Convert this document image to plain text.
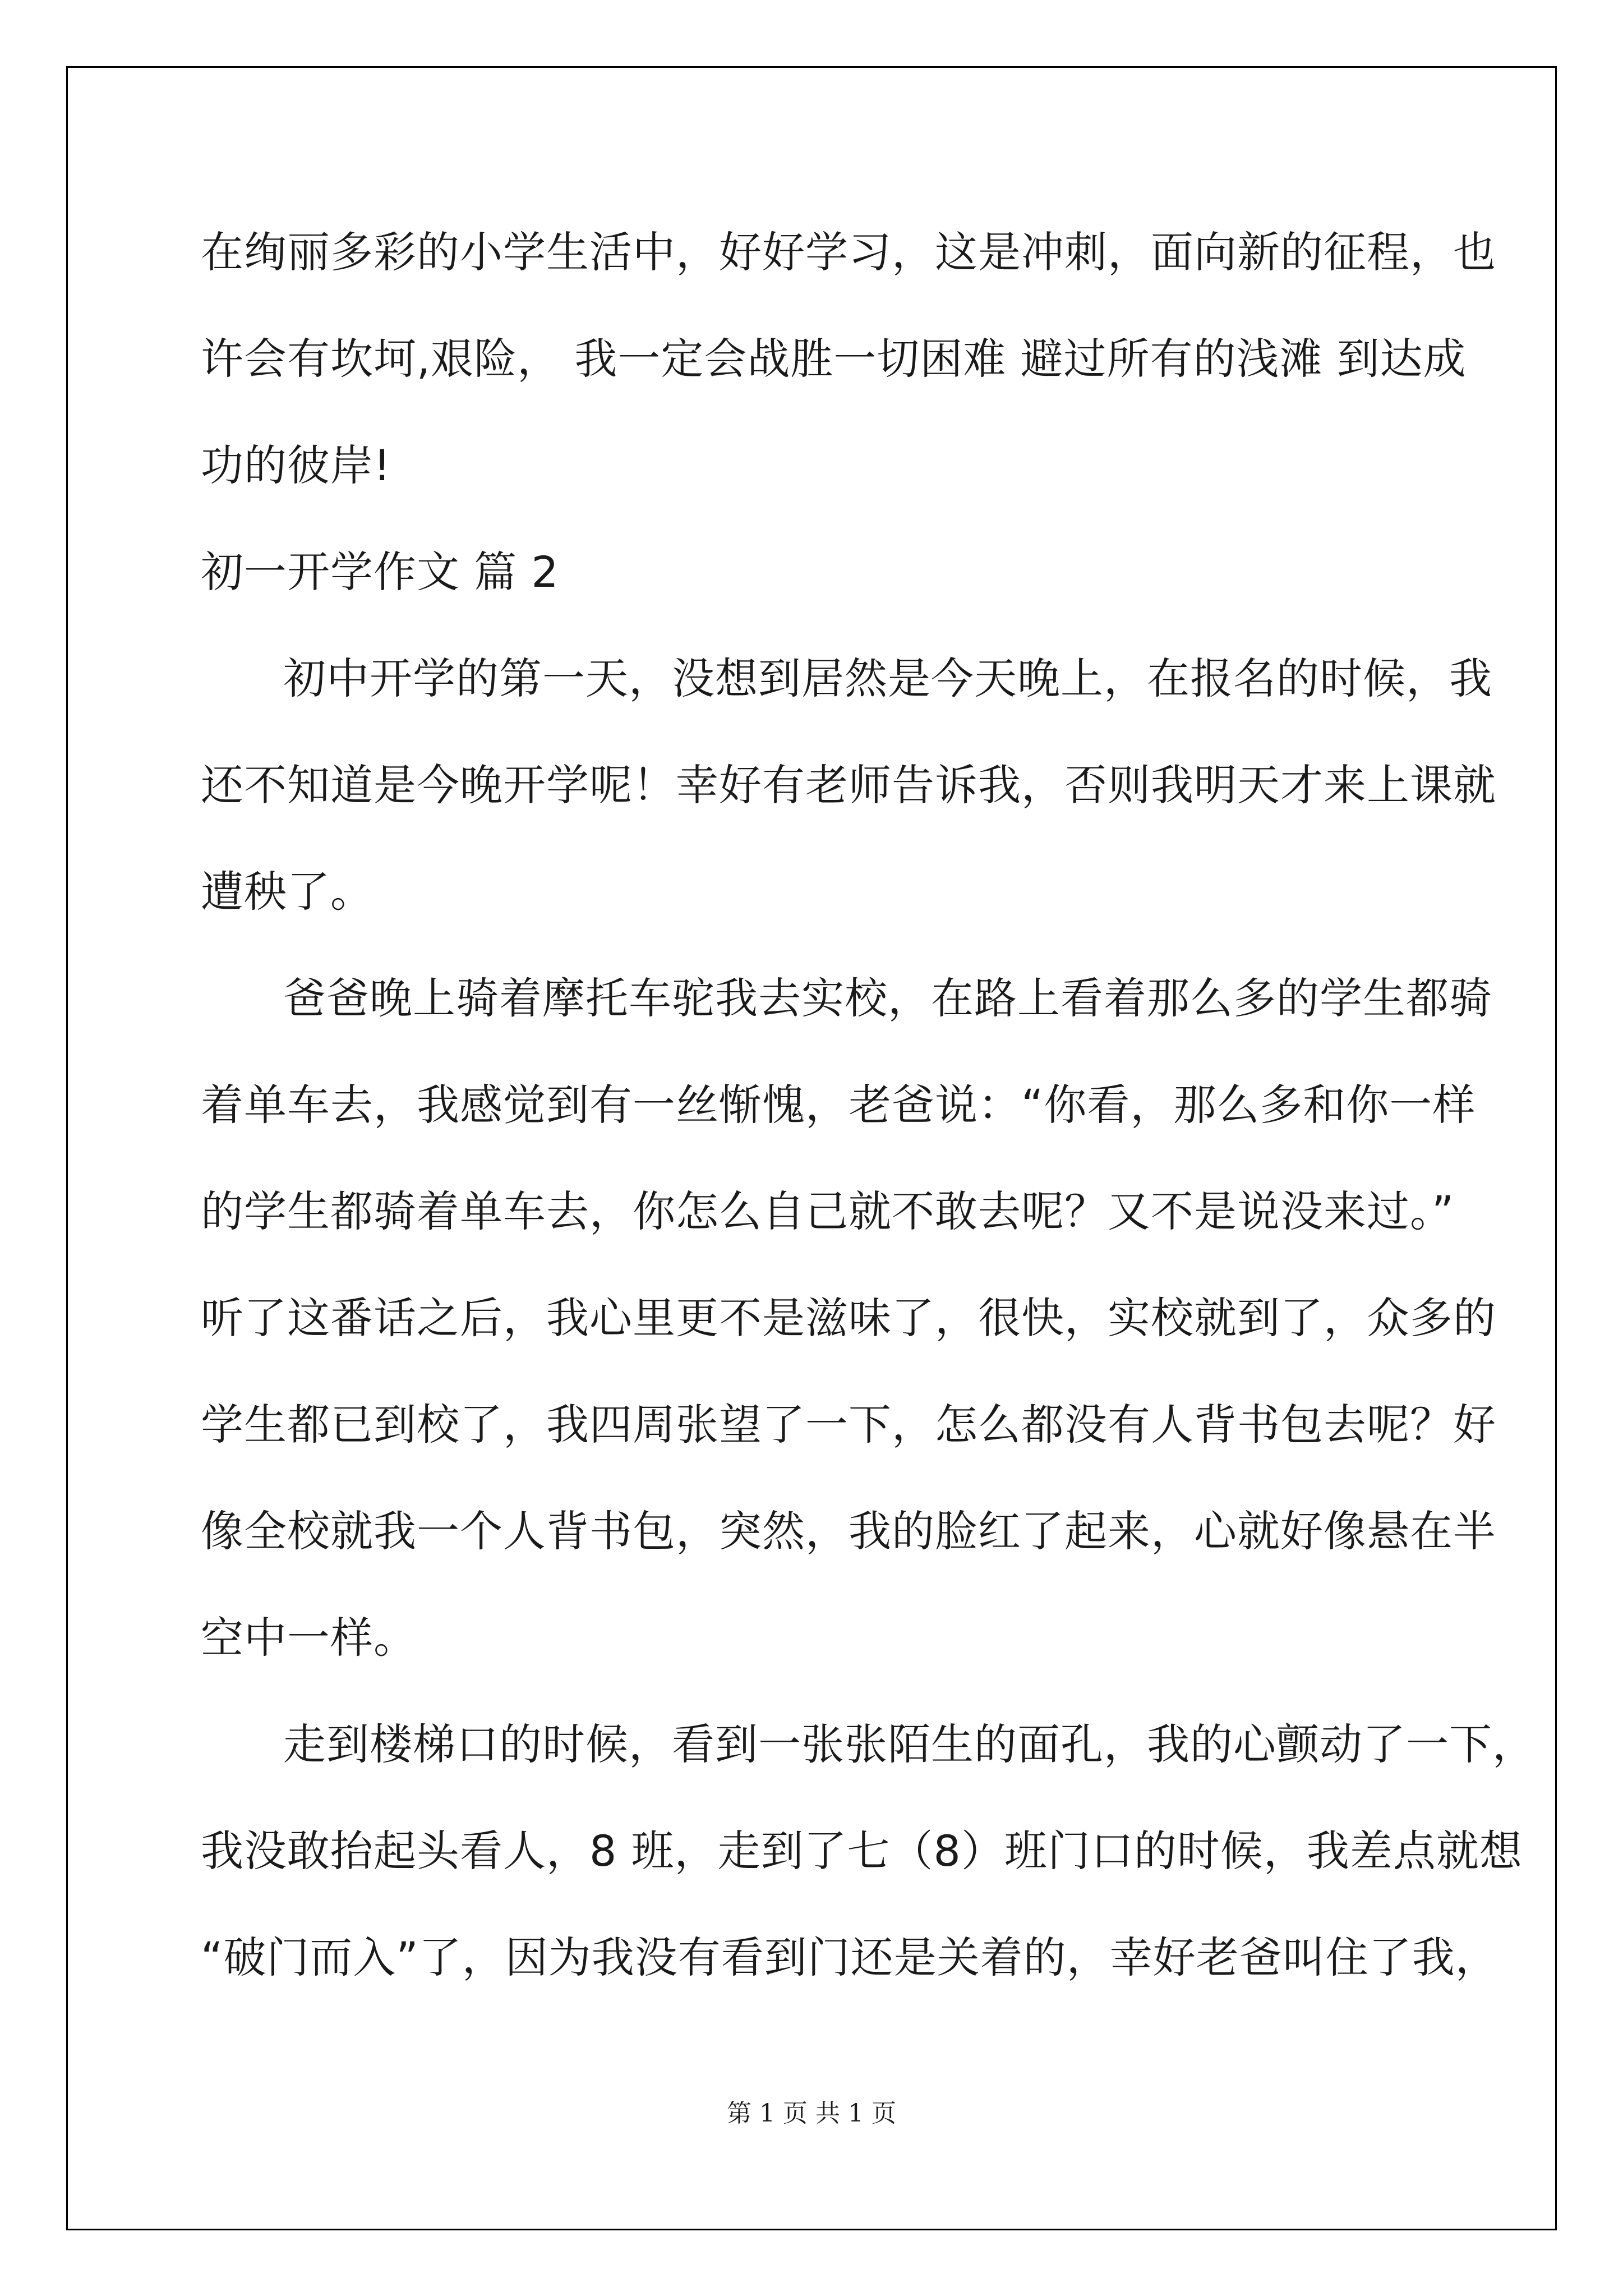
在绚丽多彩的小学生活中，好好学习，这是冲刺，面向新的征程，也
许会有坎坷,艰险， 我一定会战胜一切困难 避过所有的浅滩 到达成
功的彼岸!
初一开学作文 篇 2
初中开学的第一天，没想到居然是今天晚上，在报名的时候，我
还不知道是今晚开学呢！幸好有老师告诉我，否则我明天才来上课就
遭秧了。
爸爸晚上骑着摩托车驼我去实校，在路上看着那么多的学生都骑
着单车去，我感觉到有一丝惭愧，老爸说：“你看，那么多和你一样
的学生都骑着单车去，你怎么自己就不敢去呢？又不是说没来过。”
听了这番话之后，我心里更不是滋味了，很快，实校就到了，众多的
学生都已到校了，我四周张望了一下，怎么都没有人背书包去呢？好
像全校就我一个人背书包，突然，我的脸红了起来，心就好像悬在半
空中一样。
走到楼梯口的时候，看到一张张陌生的面孔，我的心颤动了一下，
我没敢抬起头看人，8 班，走到了七（8）班门口的时候，我差点就想
“破门而入”了，因为我没有看到门还是关着的，幸好老爸叫住了我，
第 1 页 共 1 页
